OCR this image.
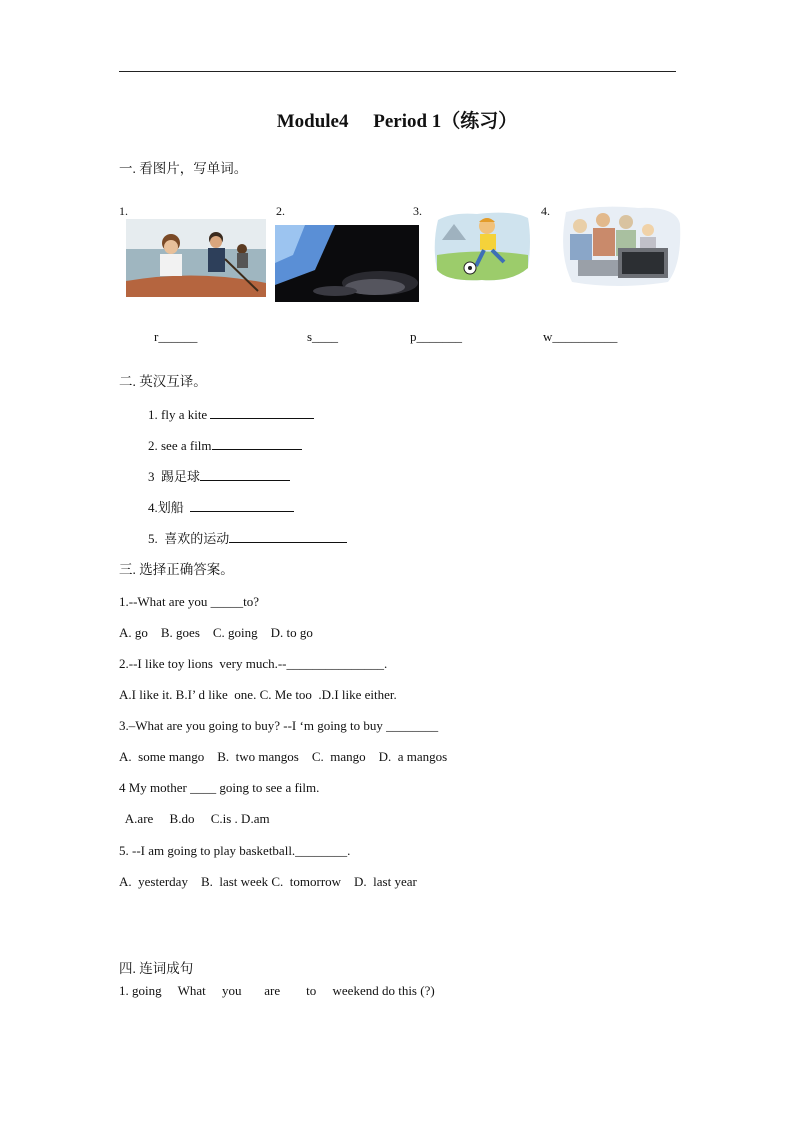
Module4 Period 1（练习）
一. 看图片，写单词。
1.	2.	3.	4.
r______	s____	p_______	w__________
二. 英汉互译。
1. fly a kite
2. see a film
3  踢足球
4.划船
5.  喜欢的运动
三. 选择正确答案。
1.--What are you _____to?
A. go    B. goes    C. going    D. to go
2.--I like toy lions  very much.--_______________.
A.I like it. B.I’ d like  one. C. Me too  .D.I like either.
3.–What are you going to buy? --I ‘m going to buy ________
A.  some mango    B.  two mangos    C.  mango    D.  a mangos
4 My mother ____ going to see a film.
A.are     B.do     C.is . D.am
5. --I am going to play basketball.________.
A.  yesterday    B.  last week C.  tomorrow    D.  last year
四. 连词成句
1. going     What     you       are        to     weekend do this (?)
